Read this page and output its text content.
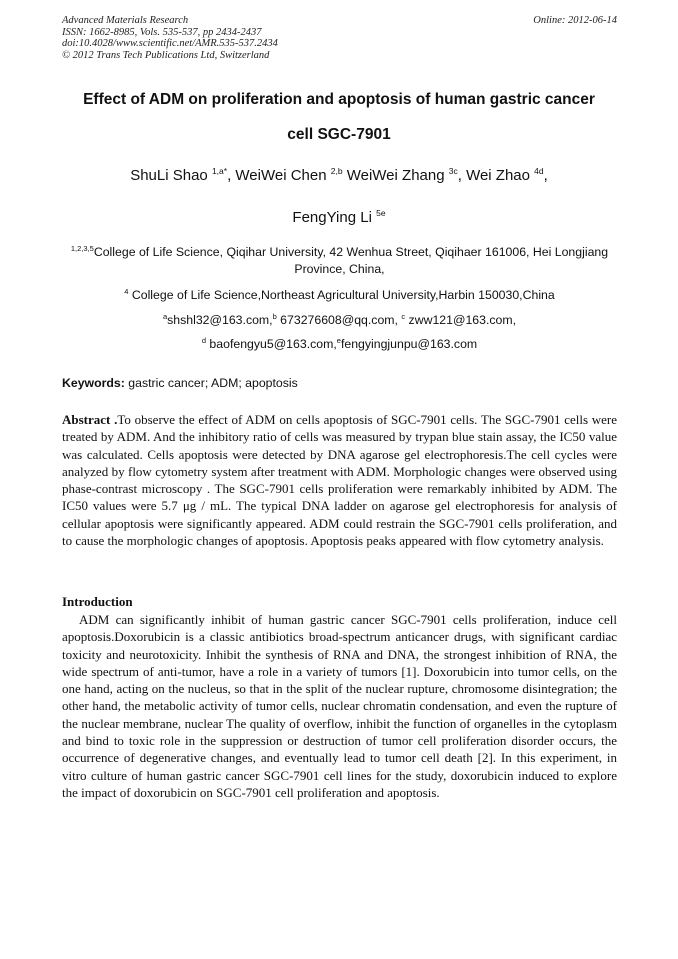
Advanced Materials Research	Online: 2012-06-14
ISSN: 1662-8985, Vols. 535-537, pp 2434-2437
doi:10.4028/www.scientific.net/AMR.535-537.2434
© 2012 Trans Tech Publications Ltd, Switzerland
Effect of ADM on proliferation and apoptosis of human gastric cancer
cell SGC-7901
ShuLi Shao $^{1,a*}$, WeiWei Chen $^{2,b}$ WeiWei Zhang $^{3c}$, Wei Zhao $^{4d}$,
FengYing Li $^{5e}$
$^{1,2,3,5}$College of Life Science, Qiqihar University, 42 Wenhua Street, Qiqihaer 161006, Hei Longjiang Province, China,
$^4$ College of Life Science,Northeast Agricultural University,Harbin 150030,China
$^a$shshl32@163.com,$^b$ 673276608@qq.com, $^c$ zww121@163.com,
$^d$ baofengyu5@163.com,$^e$fengyingjunpu@163.com
Keywords: gastric cancer; ADM; apoptosis
Abstract .To observe the effect of ADM on cells apoptosis of SGC-7901 cells. The SGC-7901 cells were treated by ADM. And the inhibitory ratio of cells was measured by trypan blue stain assay, the IC50 value was calculated. Cells apoptosis were detected by DNA agarose gel electrophoresis.The cell cycles were analyzed by flow cytometry system after treatment with ADM. Morphologic changes were observed using phase-contrast microscopy . The SGC-7901 cells proliferation were remarkably inhibited by ADM. The IC50 values were 5.7 μg / mL. The typical DNA ladder on agarose gel electrophoresis for analysis of cellular apoptosis were significantly appeared. ADM could restrain the SGC-7901 cells proliferation, and to cause the morphologic changes of apoptosis. Apoptosis peaks appeared with flow cytometry analysis.
Introduction
ADM can significantly inhibit of human gastric cancer SGC-7901 cells proliferation, induce cell apoptosis.Doxorubicin is a classic antibiotics broad-spectrum anticancer drugs, with significant cardiac toxicity and neurotoxicity. Inhibit the synthesis of RNA and DNA, the strongest inhibition of RNA, the wide spectrum of anti-tumor, have a role in a variety of tumors [1]. Doxorubicin into tumor cells, on the one hand, acting on the nucleus, so that in the split of the nuclear rupture, chromosome disintegration; the other hand, the metabolic activity of tumor cells, nuclear chromatin condensation, and even the rupture of the nuclear membrane, nuclear The quality of overflow, inhibit the function of organelles in the cytoplasm and bind to toxic role in the suppression or destruction of tumor cell proliferation disorder occurs, the occurrence of degenerative changes, and eventually lead to tumor cell death [2]. In this experiment, in vitro culture of human gastric cancer SGC-7901 cell lines for the study, doxorubicin induced to explore the impact of doxorubicin on SGC-7901 cell proliferation and apoptosis.
